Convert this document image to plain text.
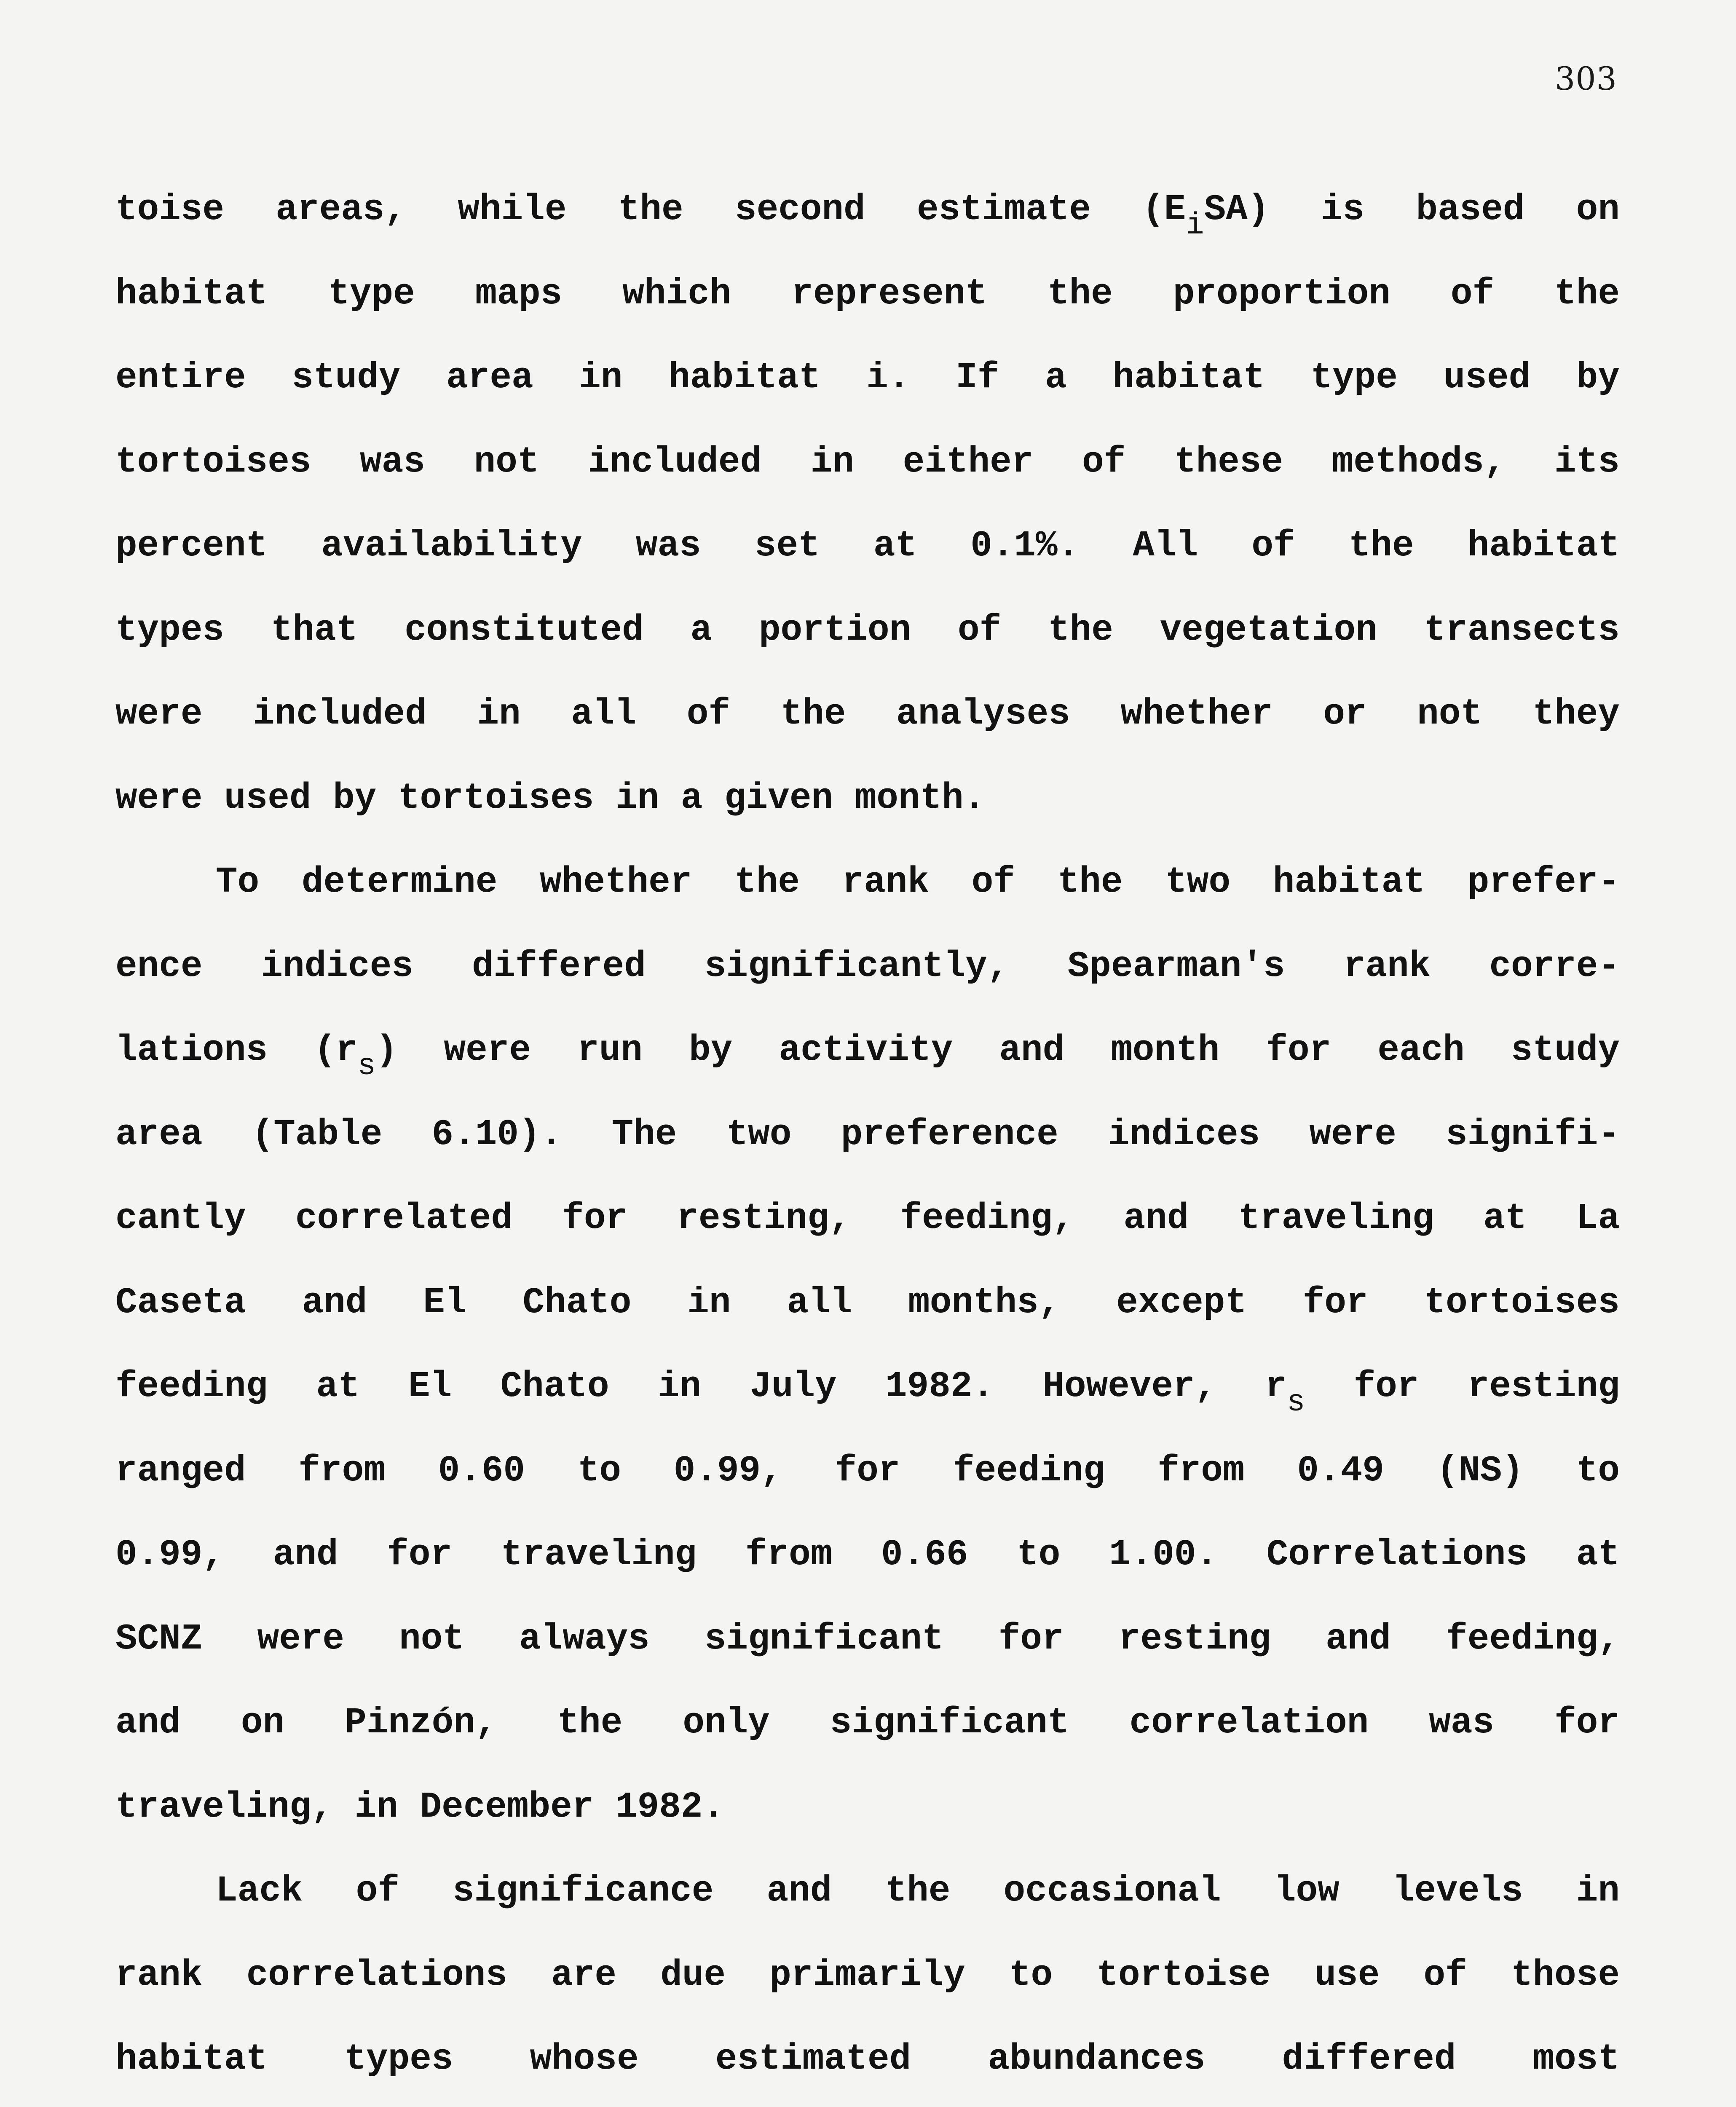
303
toise areas, while the second estimate $(E_iSA)$ is based on
habitat type maps which represent the proportion of the
entire study area in habitat i. If a habitat type used by
tortoises was not included in either of these methods, its
percent availability was set at 0.1%. All of the habitat
types that constituted a portion of the vegetation transects
were included in all of the analyses whether or not they
were used by tortoises in a given month.
To determine whether the rank of the two habitat prefer-
ence indices differed significantly, Spearman's rank corre-
lations $(r_s)$ were run by activity and month for each study
area (Table 6.10). The two preference indices were signifi-
cantly correlated for resting, feeding, and traveling at La
Caseta and El Chato in all months, except for tortoises
feeding at El Chato in July 1982. However, $r_s$ for resting
ranged from 0.60 to 0.99, for feeding from 0.49 (NS) to
0.99, and for traveling from 0.66 to 1.00. Correlations at
SCNZ were not always significant for resting and feeding,
and on Pinzón, the only significant correlation was for
traveling, in December 1982.
Lack of significance and the occasional low levels in
rank correlations are due primarily to tortoise use of those
habitat types whose estimated abundances differed most
